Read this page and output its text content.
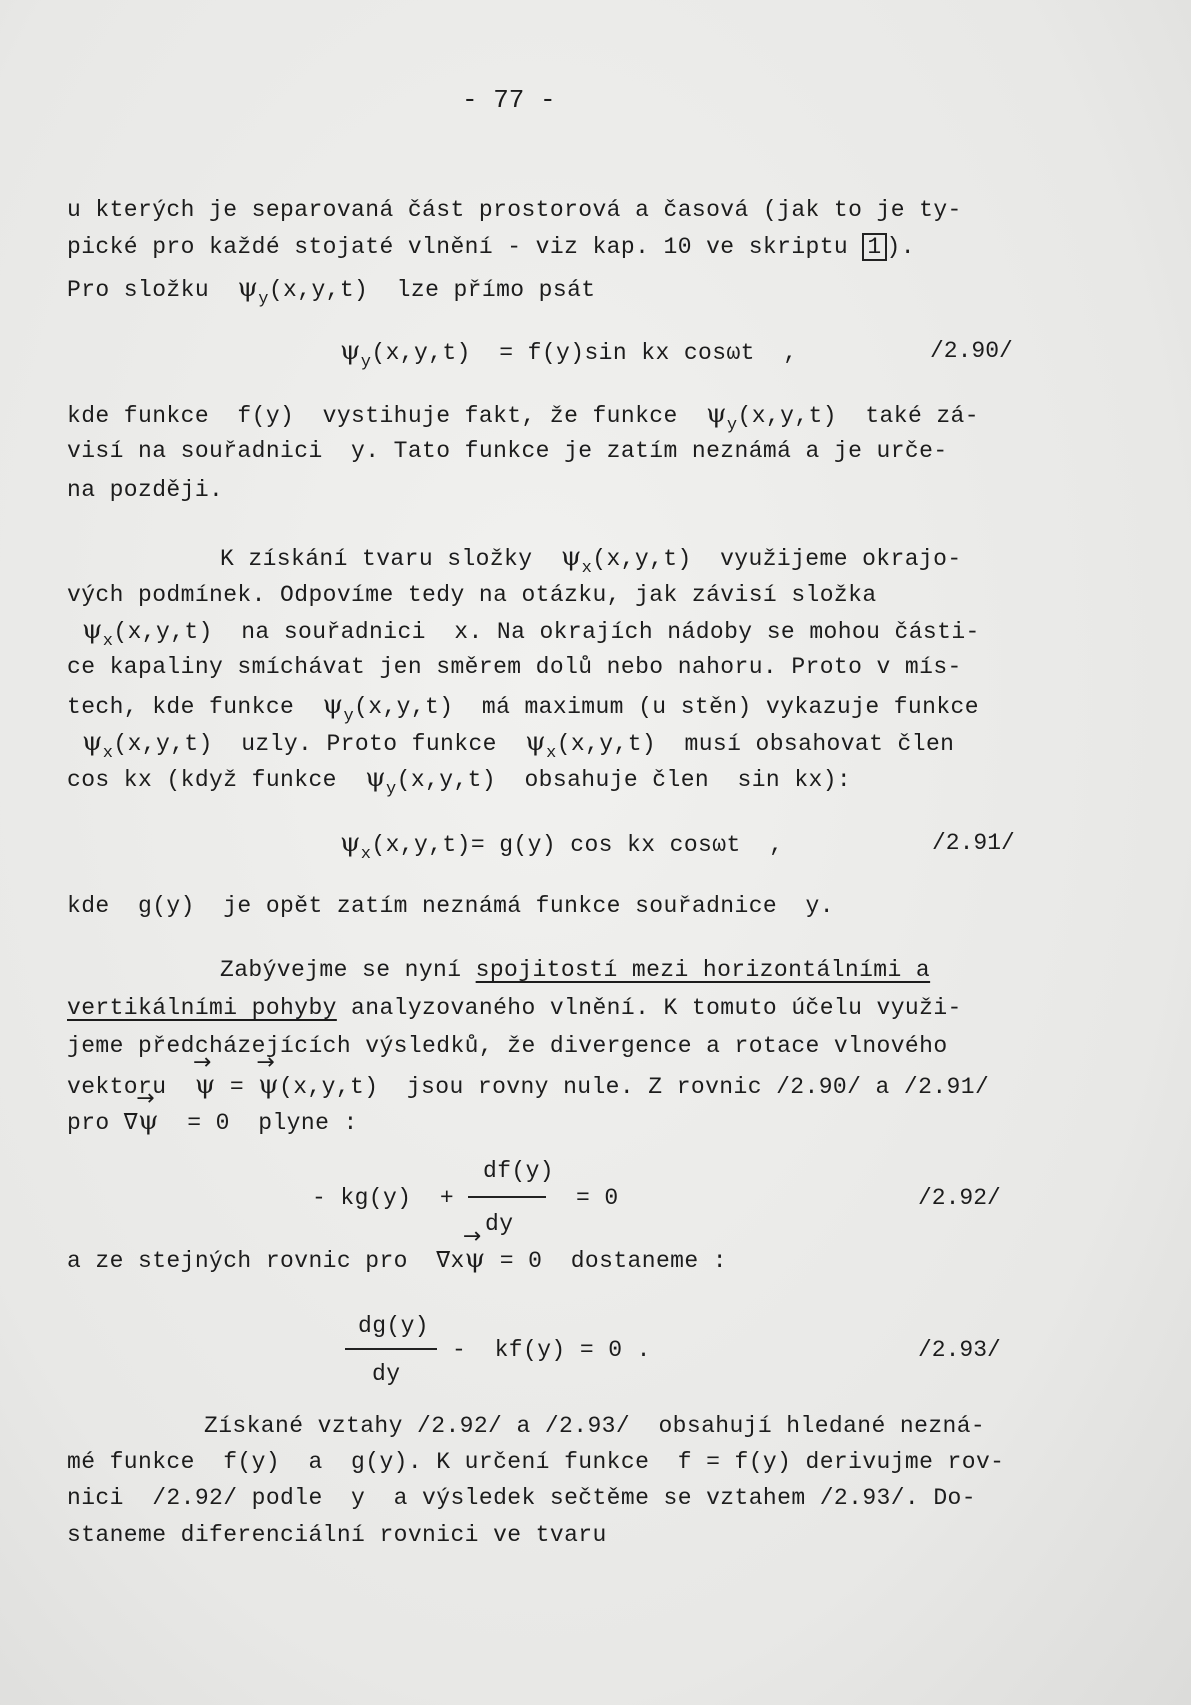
- 77 -
u kterých je separovaná část prostorová a časová (jak to je ty-
pické pro každé stojaté vlnění - viz kap. 10 ve skriptu 1 ).
Pro složku  $\psi_y(x,y,t)$  lze přímo psát
$\psi_y(x,y,t) = f(y)\sin$ kx cosωt  ,	/2.90/
kde funkce  f(y)  vystihuje fakt, že funkce  $\psi_y(x,y,t)$  také zá-
visí na souřadnici  y. Tato funkce je zatím neznámá a je urče-
na později.
K získání tvaru složky  $\psi_x(x,y,t)$  využijeme okrajo-
vých podmínek. Odpovíme tedy na otázku, jak závisí složka
$\psi_x(x,y,t)$  na souřadnici  x. Na okrajích nádoby se mohou části-
ce kapaliny smíchávat jen směrem dolů nebo nahoru. Proto v mís-
tech, kde funkce  $\psi_y(x,y,t)$  má maximum (u stěn) vykazuje funkce
$\psi_x(x,y,t)$  uzly. Proto funkce  $\psi_x(x,y,t)$  musí obsahovat člen
cos kx (když funkce  $\psi_y(x,y,t)$  obsahuje člen  sin kx):
$\psi_x(x,y,t)= g(y)$ cos kx cosωt  ,	/2.91/
kde  g(y)  je opět zatím neznámá funkce souřadnice  y.
Zabývejme se nyní spojitostí mezi horizontálními a
vertikálními pohyby analyzovaného vlnění. K tomuto účelu využi-
jeme předcházejících výsledků, že divergence a rotace vlnového
vektoru  → ψ = → ψ(x,y,t)  jsou rovny nule. Z rovnic /2.90/ a /2.91/
pro ∇→ ψ  = 0  plyne :
- kg(y)  +
df(y)
dy
= 0	/2.92/
a ze stejných rovnic pro  ∇x→ ψ = 0  dostaneme :
dg(y)
dy
-  kf(y) = 0 .	/2.93/
Získané vztahy /2.92/ a /2.93/  obsahují hledané nezná-
mé funkce  f(y)  a  g(y). K určení funkce  f = f(y) derivujme rov-
nici  /2.92/ podle  y  a výsledek sečtěme se vztahem /2.93/. Do-
staneme diferenciální rovnici ve tvaru
